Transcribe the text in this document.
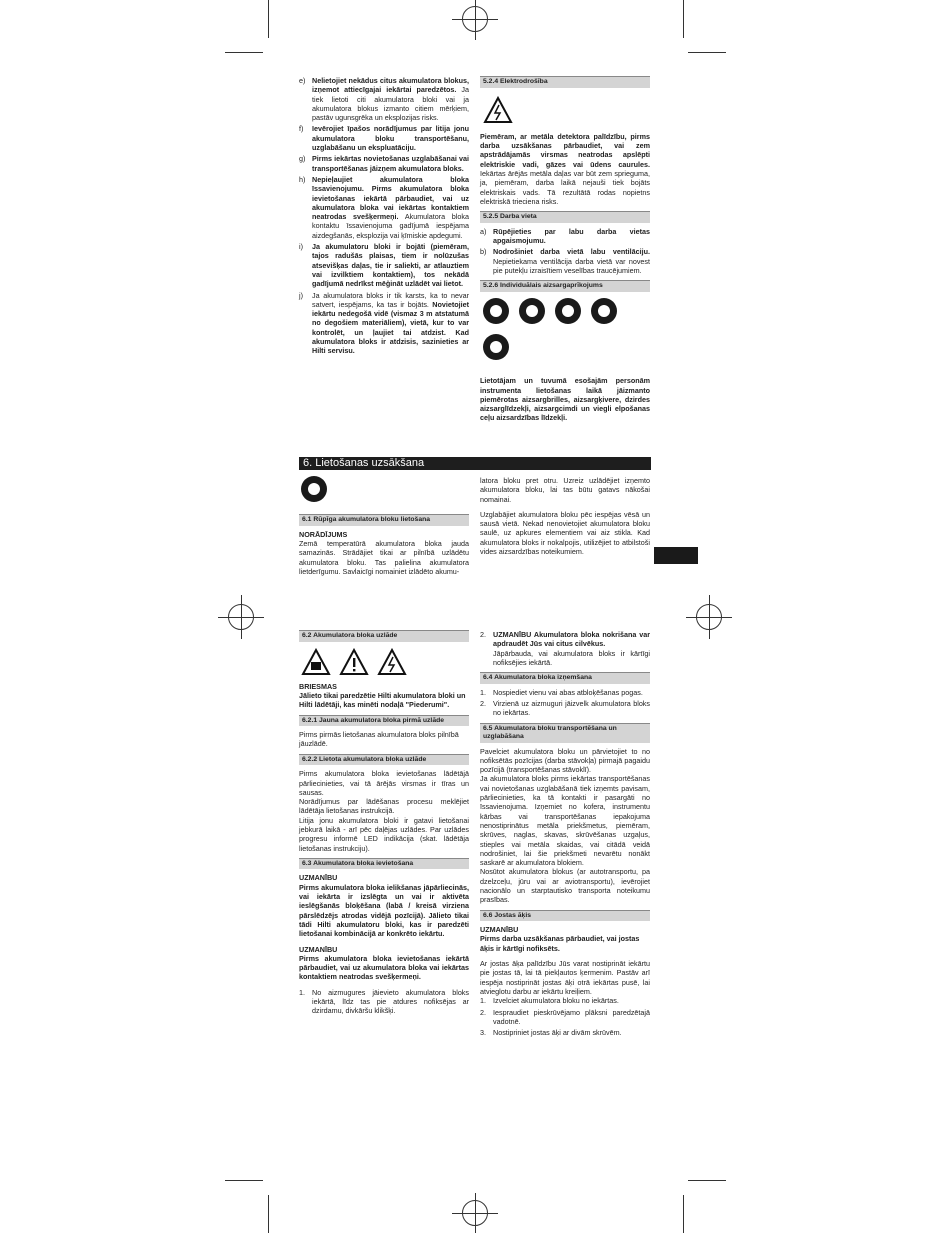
e) Nelietojiet nekādus citus akumulatora blokus, izņemot attiecīgajai iekārtai paredzētos. Ja tiek lietoti citi akumulatora bloki vai ja akumulatora blokus izmanto citiem mērķiem, pastāv ugunsgrēka un eksplozijas risks.
f)	Ievērojiet īpašos norādījumus par litija jonu akumulatora bloku transportēšanu, uzglabāšanu un ekspluatāciju.
g) Pirms iekārtas novietošanas uzglabāšanai vai transportēšanas jāizņem akumulatora bloks.
h) Nepieļaujiet akumulatora bloka īssavienojumu. Pirms akumulatora bloka ievietošanas iekārtā pārbaudiet, vai uz akumulatora bloka vai iekārtas kontaktiem neatrodas svešķermeņi. Akumulatora bloka kontaktu īssavienojuma gadījumā iespējama aizdegšanās, eksplozija vai ķīmiskie apdegumi.
i)	Ja akumulatoru bloki ir bojāti (piemēram, tajos radušās plaisas, tiem ir nolūzušas atsevišķas daļas, tie ir saliekti, ar atlauztiem vai izvilktiem kontaktiem), tos nekādā gadījumā nedrīkst mēģināt uzlādēt vai lietot.
j)	Ja akumulatora bloks ir tik karsts, ka to nevar satvert, iespējams, ka tas ir bojāts. Novietojiet iekārtu nedegošā vidē (vismaz 3 m atstatumā no degošiem materiāliem), vietā, kur to var kontrolēt, un ļaujiet tai atdzist. Kad akumulatora bloks ir atdzisis, sazinieties ar Hilti servisu.
5.2.4 Elektrodrošība

Piemēram, ar metāla detektora palīdzību, pirms darba uzsākšanas pārbaudiet, vai zem apstrādājamās virsmas neatrodas apslēpti elektriskie vadi, gāzes vai ūdens caurules. Iekārtas ārējās metāla daļas var būt zem sprieguma, ja, piemēram, darba laikā nejauši tiek bojāts elektriskais vads. Tā rezultātā rodas nopietns elektriskā trieciena risks.

5.2.5 Darba vieta
a) Rūpējieties par labu darba vietas apgaismojumu.
b) Nodrošiniet darba vietā labu ventilāciju. Nepietiekama ventilācija darba vietā var novest pie putekļu izraisītiem veselības traucējumiem.
5.2.6 Individuālais aizsargaprīkojums

Lietotājam un tuvumā esošajām personām instrumenta lietošanas laikā jāizmanto piemērotas aizsargbrilles, aizsargķivere, dzirdes aizsarglīdzekļi, aizsargcimdi un viegli elpošanas ceļu aizsardzības līdzekļi.

6. Lietošanas uzsākšana
6.1 Rūpīga akumulatora bloku lietošana

NORĀDĪJUMS

Zemā temperatūrā akumulatora bloka jauda samazinās. Strādājiet tikai ar pilnībā uzlādētu akumulatora bloku. Tas palielina akumulatora lietderīgumu. Savlaicīgi nomainiet izlādēto akumu-

latora bloku pret otru. Uzreiz uzlādējiet izņemto akumulatora bloku, lai tas būtu gatavs nākošai nomainai.

Uzglabājiet akumulatora bloku pēc iespējas vēsā un sausā vietā. Nekad nenovietojiet akumulatora bloku saulē, uz apkures elementiem vai aiz stikla. Kad akumulatora bloks ir nokalpojis, utilizējiet to atbilstoši vides aizsardzības noteikumiem.

6.2 Akumulatora bloka uzlāde

BRIESMAS

Jālieto tikai paredzētie Hilti akumulatora bloki un Hilti lādētāji, kas minēti nodaļā "Piederumi".

6.2.1 Jauna akumulatora bloka pirmā uzlāde

Pirms pirmās lietošanas akumulatora bloks pilnībā jāuzlādē.

6.2.2 Lietota akumulatora bloka uzlāde

Pirms akumulatora bloka ievietošanas lādētājā pārliecinieties, vai tā ārējās virsmas ir tīras un sausas.

Norādījumus par lādēšanas procesu meklējiet lādētāja lietošanas instrukcijā.

Litija jonu akumulatora bloki ir gatavi lietošanai jebkurā laikā - arī pēc daļējas uzlādes. Par uzlādes progresu informē LED indikācija (skat. lādētāja lietošanas instrukciju).

6.3 Akumulatora bloka ievietošana

UZMANĪBU

Pirms akumulatora bloka ielikšanas jāpārliecinās, vai iekārta ir izslēgta un vai ir aktivēta ieslēgšanās bloķēšana (labā / kreisā virziena pārslēdzējs atrodas vidējā pozīcijā). Jālieto tikai tādi Hilti akumulatoru bloki, kas ir paredzēti lietošanai kombinācijā ar konkrēto iekārtu.

UZMANĪBU

Pirms akumulatora bloka ievietošanas iekārtā pārbaudiet, vai uz akumulatora bloka vai iekārtas kontaktiem neatrodas svešķermeņi.

1. No aizmugures jāievieto akumulatora bloks iekārtā, līdz tas pie atdures nofiksējas ar dzirdamu, divkāršu klikšķi.
2. UZMANĪBU Akumulatora bloka nokrišana var apdraudēt Jūs vai citus cilvēkus.
Jāpārbauda, vai akumulatora bloks ir kārtīgi nofiksējies iekārtā.
6.4 Akumulatora bloka izņemšana
1. Nospiediet vienu vai abas atbloķēšanas pogas.
2. Virzienā uz aizmuguri jāizvelk akumulatora bloks no iekārtas.
6.5 Akumulatora bloku transportēšana un uzglabāšana

Pavelciet akumulatora bloku un pārvietojiet to no nofiksētās pozīcijas (darba stāvokļa) pirmajā pagaidu pozīcijā (transportēšanas stāvoklī).

Ja akumulatora bloks pirms iekārtas transportēšanas vai novietošanas uzglabāšanā tiek izņemts pavisam, pārliecinieties, ka tā kontakti ir pasargāti no īssavienojuma. Izņemiet no kofera, instrumentu kārbas vai transportēšanas iepakojuma nenostiprinātus metāla priekšmetus, piemēram, skrūves, naglas, skavas, skrūvēšanas uzgaļus, stieples vai metāla skaidas, vai citādā veidā nodrošiniet, lai šie priekšmeti nevarētu nonākt saskarē ar akumulatora blokiem.

Nosūtot akumulatora blokus (ar autotransportu, pa dzelzceļu, jūru vai ar aviotransportu), ievērojiet nacionālo un starptautisko transporta noteikumu prasības.

6.6 Jostas āķis

UZMANĪBU

Pirms darba uzsākšanas pārbaudiet, vai jostas āķis ir kārtīgi nofiksēts.

Ar jostas āķa palīdzību Jūs varat nostiprināt iekārtu pie jostas tā, lai tā piekļautos ķermenim. Pastāv arī iespēja nostiprināt jostas āķi otrā iekārtas pusē, lai atvieglotu darbu ar iekārtu kreiļiem.

1. Izvelciet akumulatora bloku no iekārtas.
2. Iespraudiet pieskrūvējamo plāksni paredzētajā vadotnē.
3. Nostipriniet jostas āķi ar divām skrūvēm.
